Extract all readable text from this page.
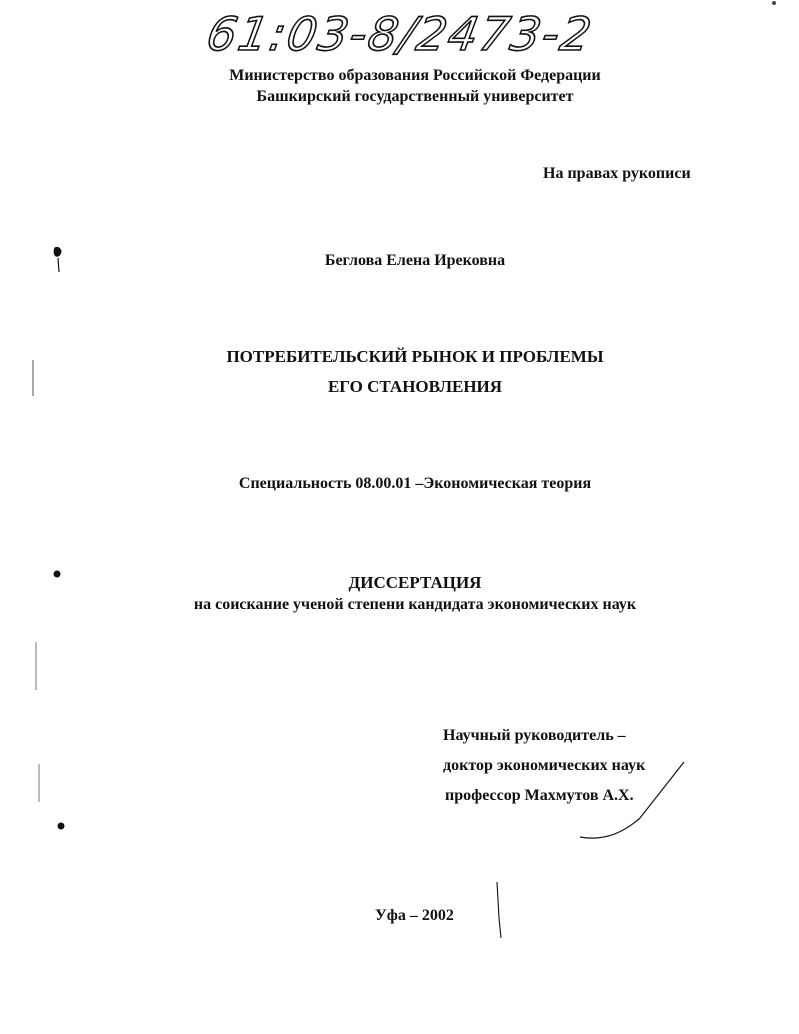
61:03-8/2473-2
Министерство образования Российской Федерации
Башкирский государственный университет
На правах рукописи
Беглова Елена Ирековна
ПОТРЕБИТЕЛЬСКИЙ РЫНОК И ПРОБЛЕМЫ
ЕГО СТАНОВЛЕНИЯ
Специальность 08.00.01 –Экономическая теория
ДИССЕРТАЦИЯ
на соискание ученой степени кандидата экономических наук
Научный руководитель –
доктор экономических наук
профессор Махмутов А.Х.
Уфа – 2002
